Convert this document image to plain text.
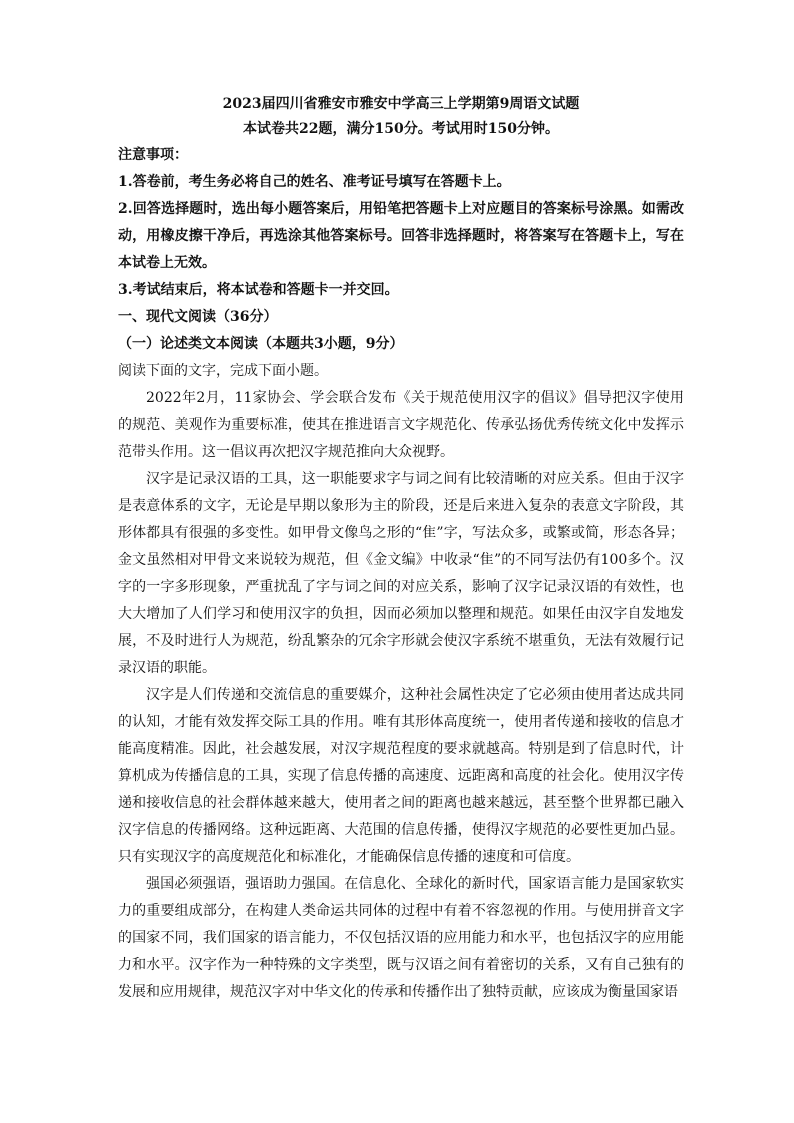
2023届四川省雅安市雅安中学高三上学期第9周语文试题

本试卷共22题，满分150分。考试用时150分钟。

注意事项：

1.答卷前，考生务必将自己的姓名、准考证号填写在答题卡上。

2.回答选择题时，选出每小题答案后，用铅笔把答题卡上对应题目的答案标号涂黑。如需改动，用橡皮擦干净后，再选涂其他答案标号。回答非选择题时，将答案写在答题卡上，写在本试卷上无效。

3.考试结束后，将本试卷和答题卡一并交回。

一、现代文阅读（36分）

（一）论述类文本阅读（本题共3小题，9分）

阅读下面的文字，完成下面小题。

2022年2月，11家协会、学会联合发布《关于规范使用汉字的倡议》倡导把汉字使用的规范、美观作为重要标准，使其在推进语言文字规范化、传承弘扬优秀传统文化中发挥示范带头作用。这一倡议再次把汉字规范推向大众视野。

汉字是记录汉语的工具，这一职能要求字与词之间有比较清晰的对应关系。但由于汉字是表意体系的文字，无论是早期以象形为主的阶段，还是后来进入复杂的表意文字阶段，其形体都具有很强的多变性。如甲骨文像鸟之形的“隹”字，写法众多，或繁或简，形态各异；金文虽然相对甲骨文来说较为规范，但《金文编》中收录“隹”的不同写法仍有100多个。汉字的一字多形现象，严重扰乱了字与词之间的对应关系，影响了汉字记录汉语的有效性，也大大增加了人们学习和使用汉字的负担，因而必须加以整理和规范。如果任由汉字自发地发展，不及时进行人为规范，纷乱繁杂的冗余字形就会使汉字系统不堪重负，无法有效履行记录汉语的职能。

汉字是人们传递和交流信息的重要媒介，这种社会属性决定了它必须由使用者达成共同的认知，才能有效发挥交际工具的作用。唯有其形体高度统一，使用者传递和接收的信息才能高度精准。因此，社会越发展，对汉字规范程度的要求就越高。特别是到了信息时代，计算机成为传播信息的工具，实现了信息传播的高速度、远距离和高度的社会化。使用汉字传递和接收信息的社会群体越来越大，使用者之间的距离也越来越远，甚至整个世界都已融入汉字信息的传播网络。这种远距离、大范围的信息传播，使得汉字规范的必要性更加凸显。只有实现汉字的高度规范化和标准化，才能确保信息传播的速度和可信度。

强国必须强语，强语助力强国。在信息化、全球化的新时代，国家语言能力是国家软实力的重要组成部分，在构建人类命运共同体的过程中有着不容忽视的作用。与使用拼音文字的国家不同，我们国家的语言能力，不仅包括汉语的应用能力和水平，也包括汉字的应用能力和水平。汉字作为一种特殊的文字类型，既与汉语之间有着密切的关系，又有自己独有的发展和应用规律，规范汉字对中华文化的传承和传播作出了独特贡献，应该成为衡量国家语
